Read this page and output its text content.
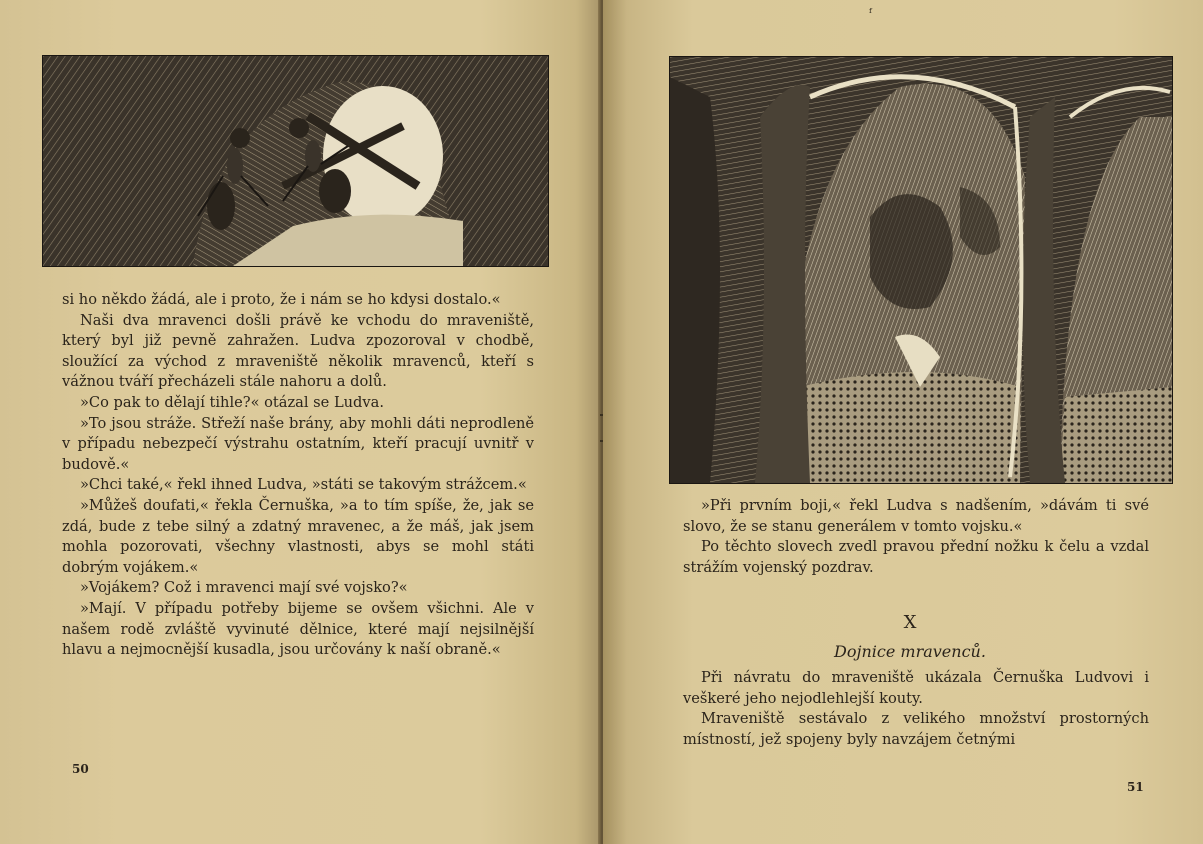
si ho někdo žádá, ale i proto, že i nám se ho kdysi dostalo.«

Naši dva mravenci došli právě ke vchodu do mraveniště, který byl již pevně zahražen. Ludva zpozoroval v chodbě, sloužící za východ z mraveniště několik mravenců, kteří s vážnou tváří přecházeli stále nahoru a dolů.

»Co pak to dělají tihle?« otázal se Ludva.

»To jsou stráže. Střeží naše brány, aby mohli dáti neprodleně v případu nebezpečí výstrahu ostatním, kteří pracují uvnitř v budově.«

»Chci také,« řekl ihned Ludva, »státi se takovým strážcem.«

»Můžeš doufati,« řekla Černuška, »a to tím spíše, že, jak se zdá, bude z tebe silný a zdatný mravenec, a že máš, jak jsem mohla pozorovati, všechny vlastnosti, abys se mohl státi dobrým vojákem.«

»Vojákem? Což i mravenci mají své vojsko?«

»Mají. V případu potřeby bijeme se ovšem všichni. Ale v našem rodě zvláště vyvinuté dělnice, které mají nejsilnější hlavu a nejmocnější kusadla, jsou určovány k naší obraně.«

50
ᶠ

»Při prvním boji,« řekl Ludva s nadšením, »dávám ti své slovo, že se stanu generálem v tomto vojsku.«

Po těchto slovech zvedl pravou přední nožku k čelu a vzdal strážím vojenský pozdrav.

X
Dojnice mravenců.

Při návratu do mraveniště ukázala Černuška Ludvovi i veškeré jeho nejodlehlejší kouty.

Mraveniště sestávalo z velikého množství prostorných místností, jež spojeny byly navzájem četnými

51
